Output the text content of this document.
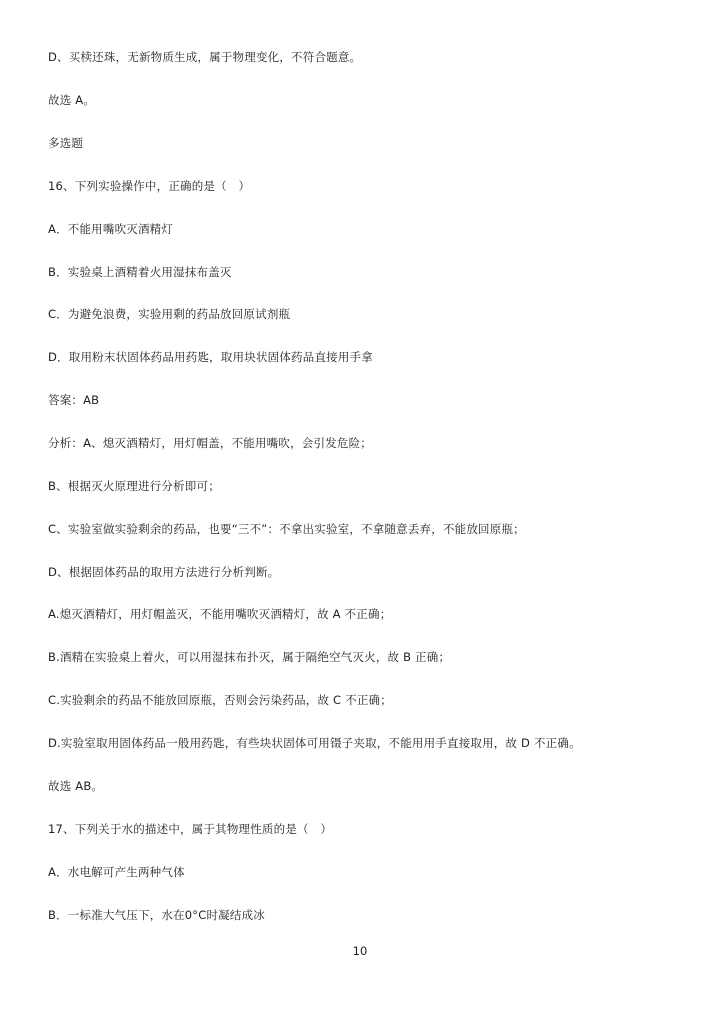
D、买椟还珠，无新物质生成，属于物理变化，不符合题意。
故选 A。
多选题
16、下列实验操作中，正确的是（　）
A．不能用嘴吹灭酒精灯
B．实验桌上酒精着火用湿抹布盖灭
C．为避免浪费，实验用剩的药品放回原试剂瓶
D．取用粉末状固体药品用药匙，取用块状固体药品直接用手拿
答案：AB
分析：A、熄灭酒精灯，用灯帽盖，不能用嘴吹，会引发危险；
B、根据灭火原理进行分析即可；
C、实验室做实验剩余的药品，也要“三不”：不拿出实验室，不拿随意丢弃，不能放回原瓶；
D、根据固体药品的取用方法进行分析判断。
A.熄灭酒精灯，用灯帽盖灭，不能用嘴吹灭酒精灯，故 A 不正确；
B.酒精在实验桌上着火，可以用湿抹布扑灭，属于隔绝空气灭火，故 B 正确；
C.实验剩余的药品不能放回原瓶，否则会污染药品，故 C 不正确；
D.实验室取用固体药品一般用药匙，有些块状固体可用镊子夹取，不能用用手直接取用，故 D 不正确。
故选 AB。
17、下列关于水的描述中，属于其物理性质的是（　）
A．水电解可产生两种气体
B．一标准大气压下，水在0°C时凝结成冰
10
